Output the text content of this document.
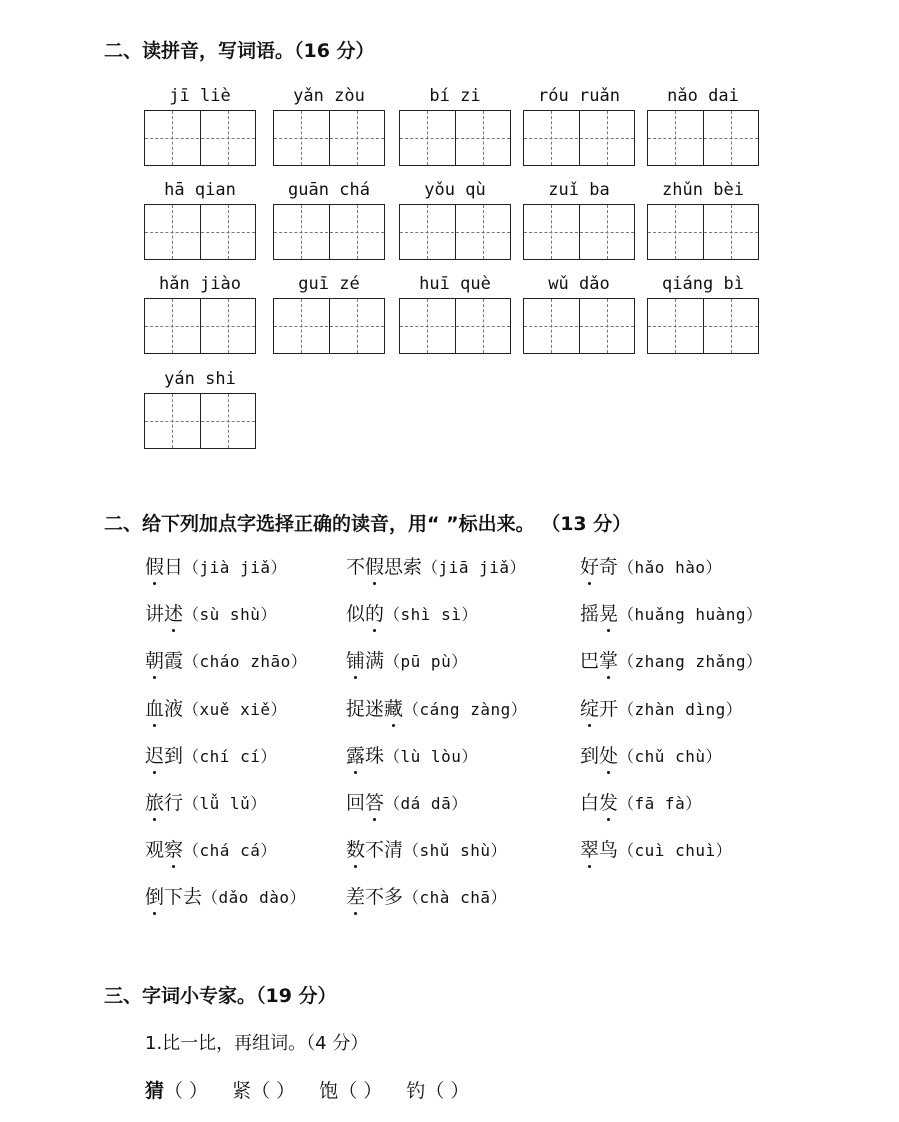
二、读拼音，写词语。（16 分）
jī liè	yǎn zòu	bí zi	róu ruǎn	nǎo dai
hā qian	guān chá	yǒu qù	zuǐ ba	zhǔn bèi
hǎn jiào	guī zé	huī què	wǔ dǎo	qiáng bì
yán shi
二、给下列加点字选择正确的读音，用“ ”标出来。 （13 分）
假日（jià jiǎ）	不假思索（jiā jiǎ）	好奇（hǎo hào）
讲述（sù shù）	似的（shì sì）	摇晃（huǎng huàng）
朝霞（cháo zhāo） 铺满（pū pù）	巴掌（zhang zhǎng）
血液（xuě xiě）	捉迷藏（cáng zàng）	绽开（zhàn dìng）
迟到（chí cí）	露珠（lù lòu）	到处（chǔ chù）
旅行（lǚ lǔ）	回答（dá dā）	白发（fā fà）
观察（chá cá）	数不清（shǔ shù）	翠鸟（cuì chuì）
倒下去（dǎo dào） 差不多（chà chā）
三、字词小专家。（19 分）
1.比一比，再组词。（4 分）
猜（ ） 紧（ ） 饱（ ） 钓（ ）
